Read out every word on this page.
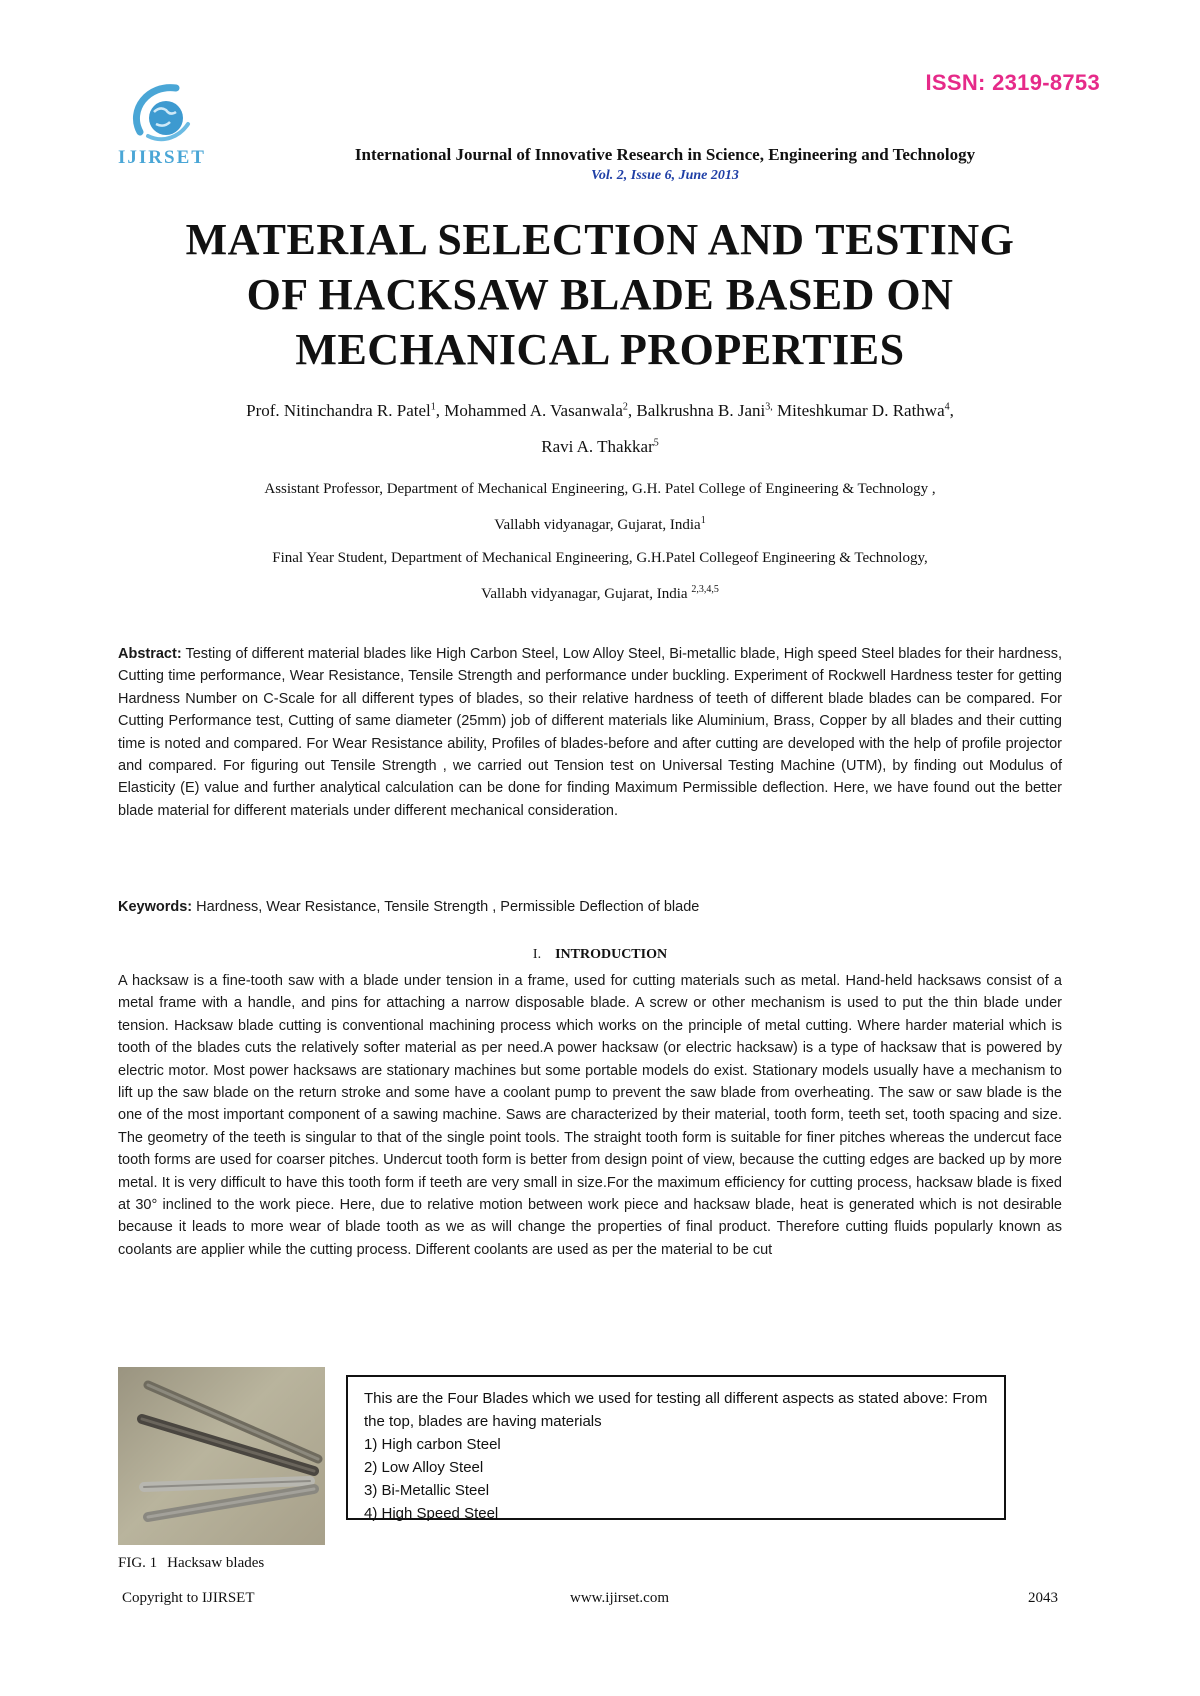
ISSN: 2319-8753
IJIRSET	International Journal of Innovative Research in Science, Engineering and Technology
Vol. 2, Issue 6, June 2013
MATERIAL SELECTION AND TESTING
OF HACKSAW BLADE BASED ON
MECHANICAL PROPERTIES
Prof. Nitinchandra R. Patel$^1$, Mohammed A. Vasanwala$^2$, Balkrushna B. Jani$^{3,}$ Miteshkumar D. Rathwa$^4$,
Ravi A. Thakkar$^5$
Assistant Professor, Department of Mechanical Engineering, G.H. Patel College of Engineering & Technology ,
Vallabh vidyanagar, Gujarat, India$^1$
Final Year Student, Department of Mechanical Engineering, G.H.Patel Collegeof Engineering & Technology,
Vallabh vidyanagar, Gujarat, India $^{2,3,4,5}$
Abstract: Testing of different material blades like High Carbon Steel, Low Alloy Steel, Bi-metallic blade, High speed Steel blades for their hardness, Cutting time performance, Wear Resistance, Tensile Strength and performance under buckling. Experiment of Rockwell Hardness tester for getting Hardness Number on C-Scale for all different types of blades, so their relative hardness of teeth of different blade blades can be compared. For Cutting Performance test, Cutting of same diameter (25mm) job of different materials like Aluminium, Brass, Copper by all blades and their cutting time is noted and compared. For Wear Resistance ability, Profiles of blades-before and after cutting are developed with the help of profile projector and compared. For figuring out Tensile Strength , we carried out Tension test on Universal Testing Machine (UTM), by finding out Modulus of Elasticity (E) value and further analytical calculation can be done for finding Maximum Permissible deflection. Here, we have found out the better blade material for different materials under different mechanical consideration.
Keywords: Hardness, Wear Resistance, Tensile Strength , Permissible Deflection of blade
I. INTRODUCTION
A hacksaw is a fine-tooth saw with a blade under tension in a frame, used for cutting materials such as metal. Hand-held hacksaws consist of a metal frame with a handle, and pins for attaching a narrow disposable blade. A screw or other mechanism is used to put the thin blade under tension. Hacksaw blade cutting is conventional machining process which works on the principle of metal cutting. Where harder material which is tooth of the blades cuts the relatively softer material as per need.A power hacksaw (or electric hacksaw) is a type of hacksaw that is powered by electric motor. Most power hacksaws are stationary machines but some portable models do exist. Stationary models usually have a mechanism to lift up the saw blade on the return stroke and some have a coolant pump to prevent the saw blade from overheating. The saw or saw blade is the one of the most important component of a sawing machine. Saws are characterized by their material, tooth form, teeth set, tooth spacing and size. The geometry of the teeth is singular to that of the single point tools. The straight tooth form is suitable for finer pitches whereas the undercut face tooth forms are used for coarser pitches. Undercut tooth form is better from design point of view, because the cutting edges are backed up by more metal. It is very difficult to have this tooth form if teeth are very small in size.For the maximum efficiency for cutting process, hacksaw blade is fixed at 30° inclined to the work piece. Here, due to relative motion between work piece and hacksaw blade, heat is generated which is not desirable because it leads to more wear of blade tooth as we as will change the properties of final product. Therefore cutting fluids popularly known as coolants are applier while the cutting process. Different coolants are used as per the material to be cut
FIG. 1 Hacksaw blades
This are the Four Blades which we used for testing all different aspects as stated above: From the top, blades are having materials
1) High carbon Steel
2) Low Alloy Steel
3) Bi-Metallic Steel
4) High Speed Steel
Copyright to IJIRSET	www.ijirset.com	2043
